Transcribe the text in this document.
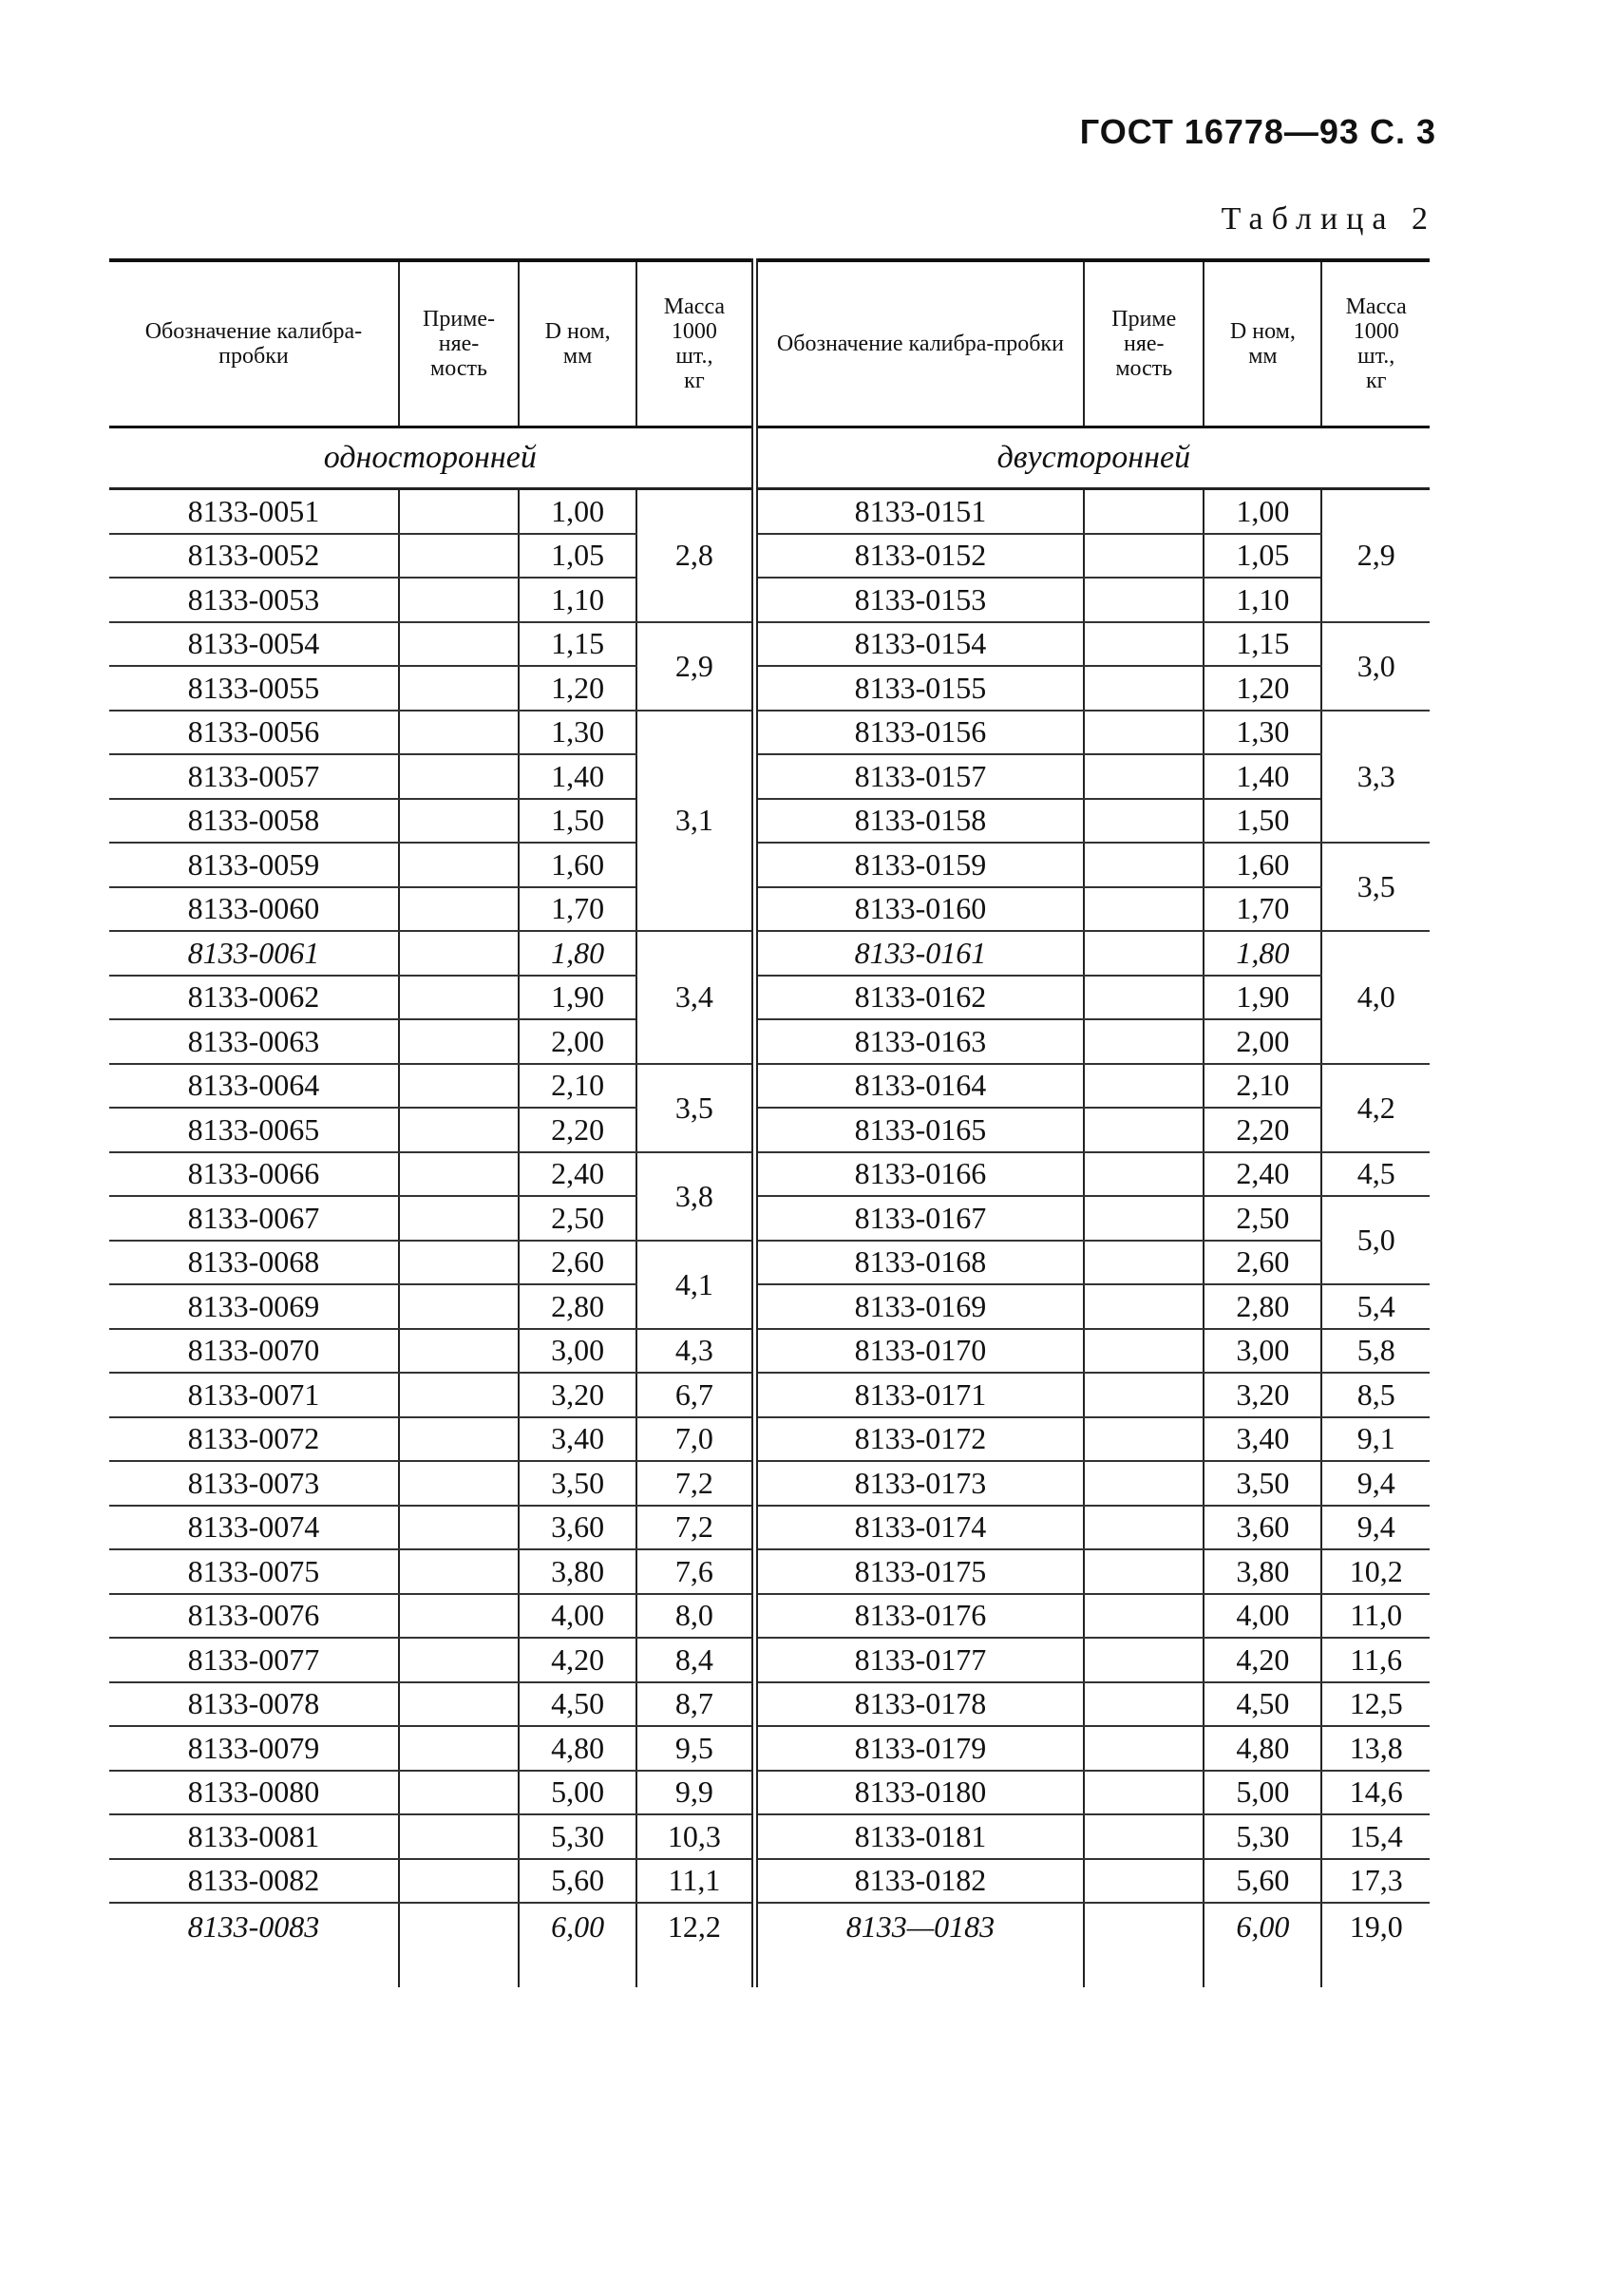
ГОСТ 16778—93 С. 3
Таблица 2
Обозначение калибра-пробки	Приме-
няе-
мость	D ном,
мм	Масса
1000
шт.,
кг	Обозначение калибра-пробки	Приме
няе-
мость	D ном,
мм	Масса
1000
шт.,
кг
односторонней				двусторонней			
8133-0051		1,00	2,8	8133-0151		1,00	2,9
8133-0052		1,05		8133-0152		1,05	
8133-0053		1,10		8133-0153		1,10	
8133-0054		1,15	2,9	8133-0154		1,15	3,0
8133-0055		1,20		8133-0155		1,20	
8133-0056		1,30	3,1	8133-0156		1,30	3,3
8133-0057		1,40		8133-0157		1,40	
8133-0058		1,50		8133-0158		1,50	
8133-0059		1,60		8133-0159		1,60	3,5
8133-0060		1,70		8133-0160		1,70	
8133-0061		1,80	3,4	8133-0161		1,80	4,0
8133-0062		1,90		8133-0162		1,90	
8133-0063		2,00		8133-0163		2,00	
8133-0064		2,10	3,5	8133-0164		2,10	4,2
8133-0065		2,20		8133-0165		2,20	
8133-0066		2,40	3,8	8133-0166		2,40	4,5
8133-0067		2,50		8133-0167		2,50	5,0
8133-0068		2,60	4,1	8133-0168		2,60	
8133-0069		2,80		8133-0169		2,80	5,4
8133-0070		3,00	4,3	8133-0170		3,00	5,8
8133-0071		3,20	6,7	8133-0171		3,20	8,5
8133-0072		3,40	7,0	8133-0172		3,40	9,1
8133-0073		3,50	7,2	8133-0173		3,50	9,4
8133-0074		3,60	7,2	8133-0174		3,60	9,4
8133-0075		3,80	7,6	8133-0175		3,80	10,2
8133-0076		4,00	8,0	8133-0176		4,00	11,0
8133-0077		4,20	8,4	8133-0177		4,20	11,6
8133-0078		4,50	8,7	8133-0178		4,50	12,5
8133-0079		4,80	9,5	8133-0179		4,80	13,8
8133-0080		5,00	9,9	8133-0180		5,00	14,6
8133-0081		5,30	10,3	8133-0181		5,30	15,4
8133-0082		5,60	11,1	8133-0182		5,60	17,3
8133-0083		6,00	12,2	8133—0183		6,00	19,0
